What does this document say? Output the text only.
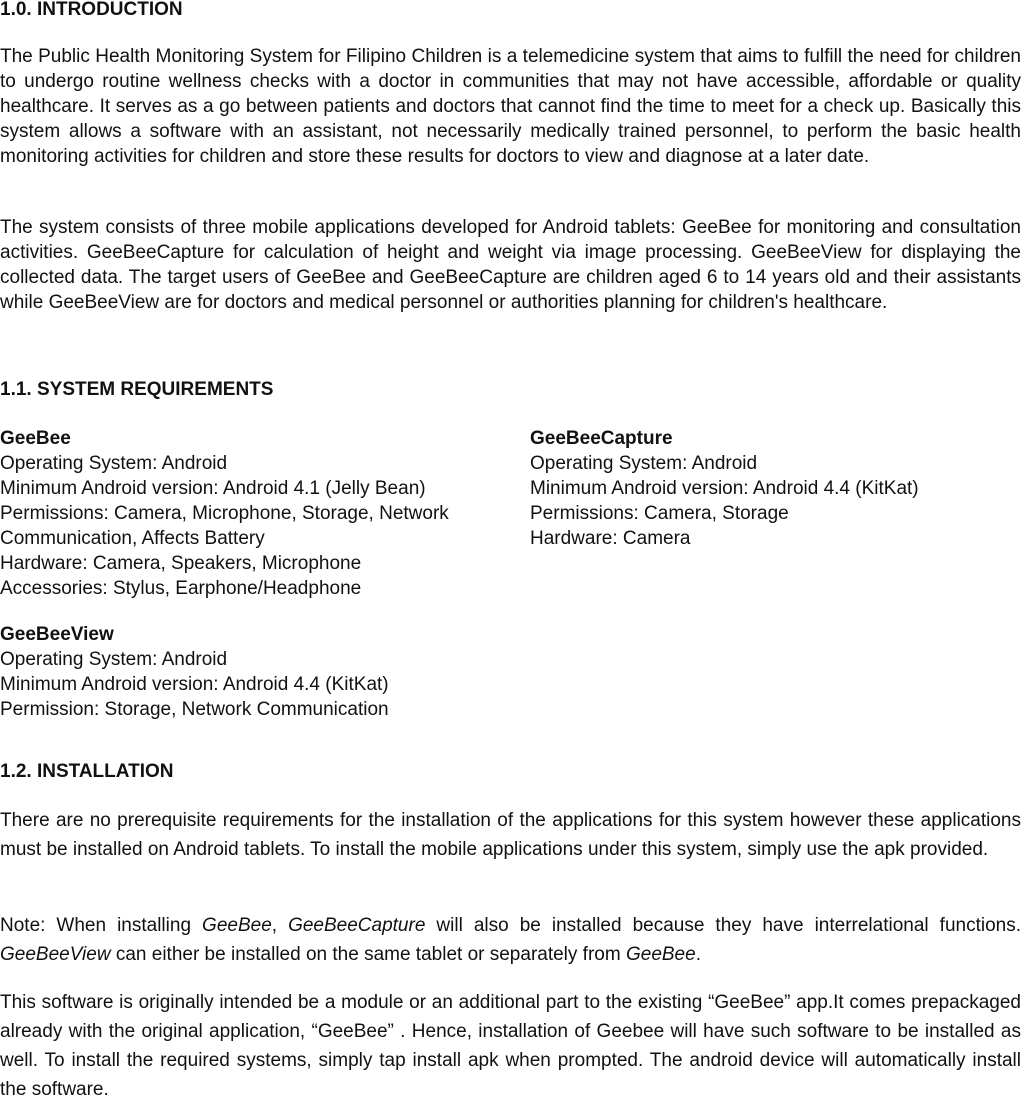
1.0. INTRODUCTION

The Public Health Monitoring System for Filipino Children is a telemedicine system that aims to fulfill the need for children to undergo routine wellness checks with a doctor in communities that may not have accessible, affordable or quality healthcare. It serves as a go between patients and doctors that cannot find the time to meet for a check up. Basically this system allows a software with an assistant, not necessarily medically trained personnel, to perform the basic health monitoring activities for children and store these results for doctors to view and diagnose at a later date.

The system consists of three mobile applications developed for Android tablets: GeeBee for monitoring and consultation activities. GeeBeeCapture for calculation of height and weight via image processing. GeeBeeView for displaying the collected data. The target users of GeeBee and GeeBeeCapture are children aged 6 to 14 years old and their assistants while GeeBeeView are for doctors and medical personnel or authorities planning for children's healthcare.

1.1. SYSTEM REQUIREMENTS
GeeBee
Operating System: Android
Minimum Android version: Android 4.1 (Jelly Bean)
Permissions: Camera, Microphone, Storage, Network
Communication, Affects Battery
Hardware: Camera, Speakers, Microphone
Accessories: Stylus, Earphone/Headphone
GeeBeeCapture
Operating System: Android
Minimum Android version: Android 4.4 (KitKat)
Permissions: Camera, Storage
Hardware: Camera
GeeBeeView
Operating System: Android
Minimum Android version: Android 4.4 (KitKat)
Permission: Storage, Network Communication
1.2. INSTALLATION

There are no prerequisite requirements for the installation of the applications for this system however these applications must be installed on Android tablets. To install the mobile applications under this system, simply use the apk provided.

Note: When installing GeeBee, GeeBeeCapture will also be installed because they have interrelational functions. GeeBeeView can either be installed on the same tablet or separately from GeeBee.

This software is originally intended be a module or an additional part to the existing “GeeBee” app.It comes prepackaged already with the original application, “GeeBee” . Hence, installation of Geebee will have such software to be installed as well. To install the required systems, simply tap install apk when prompted. The android device will automatically install the software.
